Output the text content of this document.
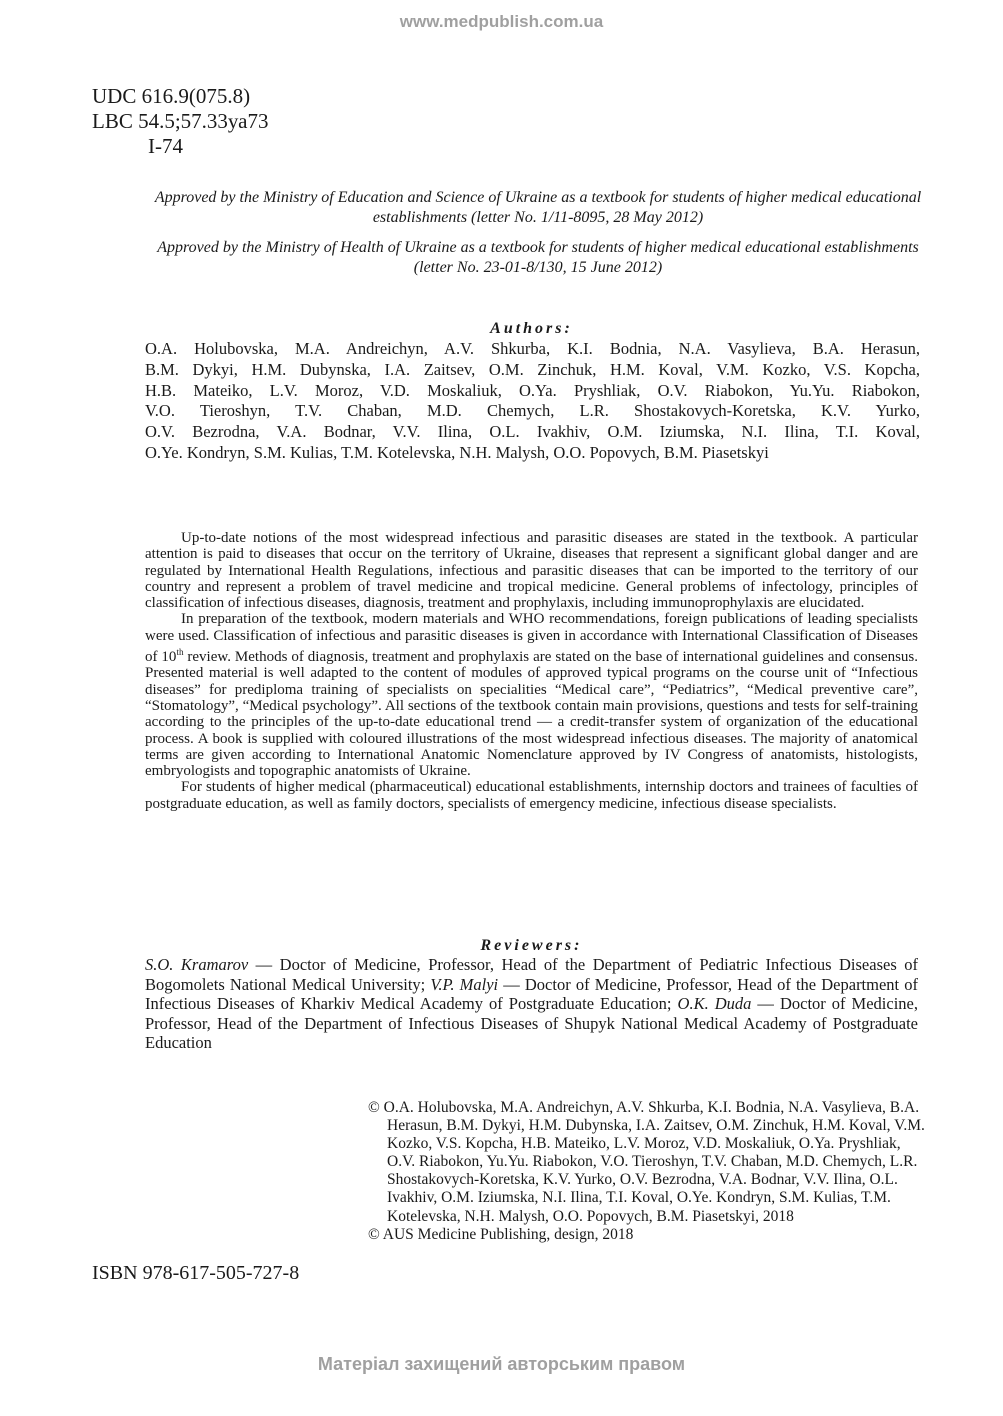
www.medpublish.com.ua
UDC 616.9(075.8)
LBC 54.5;57.33уа73
І-74

Approved by the Ministry of Education and Science of Ukraine as a textbook for students of higher medical educational establishments (letter No. 1/11-8095, 28 May 2012)

Approved by the Ministry of Health of Ukraine as a textbook for students of higher medical educational establishments (letter No. 23-01-8/130, 15 June 2012)

Authors:
O.A. Holubovska, M.A. Andreichyn, A.V. Shkurba, K.I. Bodnia, N.A. Vasylieva, B.A. Herasun,
B.M. Dykyi, H.M. Dubynska, I.A. Zaitsev, O.M. Zinchuk, H.M. Koval, V.M. Kozko, V.S. Kopcha,
H.B. Mateiko, L.V. Moroz, V.D. Moskaliuk, O.Ya. Pryshliak, O.V. Riabokon, Yu.Yu. Riabokon,
V.O. Tieroshyn, T.V. Chaban, M.D. Chemych, L.R. Shostakovych-Koretska, K.V. Yurko,
O.V. Bezrodna, V.A. Bodnar, V.V. Ilina, O.L. Ivakhiv, O.M. Iziumska, N.I. Ilina, T.I. Koval,
O.Ye. Kondryn, S.M. Kulias, T.M. Kotelevska, N.H. Malysh, O.O. Popovych, B.M. Piasetskyi

Up-to-date notions of the most widespread infectious and parasitic diseases are stated in the textbook. A particular attention is paid to diseases that occur on the territory of Ukraine, diseases that represent a significant global danger and are regulated by International Health Regulations, infectious and parasitic diseases that can be imported to the territory of our country and represent a problem of travel medicine and tropical medicine. General problems of infectology, principles of classification of infectious diseases, diagnosis, treatment and prophylaxis, including immunoprophylaxis are elucidated.

In preparation of the textbook, modern materials and WHO recommendations, foreign publications of leading specialists were used. Classification of infectious and parasitic diseases is given in accordance with International Classification of Diseases of 10th review. Methods of diagnosis, treatment and prophylaxis are stated on the base of international guidelines and consensus. Presented material is well adapted to the content of modules of approved typical programs on the course unit of “Infectious diseases” for prediploma training of specialists on specialities “Medical care”, “Pediatrics”, “Medical preventive care”, “Stomatology”, “Medical psychology”. All sections of the textbook contain main provisions, questions and tests for self-training according to the principles of the up-to-date educational trend — a credit-transfer system of organization of the educational process. A book is supplied with coloured illustrations of the most widespread infectious diseases. The majority of anatomical terms are given according to International Anatomic Nomenclature approved by IV Congress of anatomists, histologists, embryologists and topographic anatomists of Ukraine.

For students of higher medical (pharmaceutical) educational establishments, internship doctors and trainees of faculties of postgraduate education, as well as family doctors, specialists of emergency medicine, infectious disease specialists.

Reviewers:

S.O. Kramarov — Doctor of Medicine, Professor, Head of the Department of Pediatric Infectious Diseases of Bogomolets National Medical University; V.P. Malyi — Doctor of Medicine, Professor, Head of the Department of Infectious Diseases of Kharkiv Medical Academy of Postgraduate Education; O.K. Duda — Doctor of Medicine, Professor, Head of the Department of Infectious Diseases of Shupyk National Medical Academy of Postgraduate Education

© O.A. Holubovska, M.A. Andreichyn, A.V. Shkurba, K.I. Bodnia, N.A. Vasylieva, B.A. Herasun, B.M. Dykyi, H.M. Dubynska, I.A. Zaitsev, O.M. Zinchuk, H.M. Koval, V.M. Kozko, V.S. Kopcha, H.B. Mateiko, L.V. Moroz, V.D. Moskaliuk, O.Ya. Pryshliak, O.V. Riabokon, Yu.Yu. Riabokon, V.O. Tieroshyn, T.V. Chaban, M.D. Chemych, L.R. Shostakovych-Koretska, K.V. Yurko, O.V. Bezrodna, V.A. Bodnar, V.V. Ilina, O.L. Ivakhiv, O.M. Iziumska, N.I. Ilina, T.I. Koval, O.Ye. Kondryn, S.M. Kulias, T.M. Kotelevska, N.H. Malysh, O.O. Popovych, B.M. Piasetskyi, 2018
© AUS Medicine Publishing, design, 2018
ISBN 978-617-505-727-8
Матеріал захищений авторським правом
